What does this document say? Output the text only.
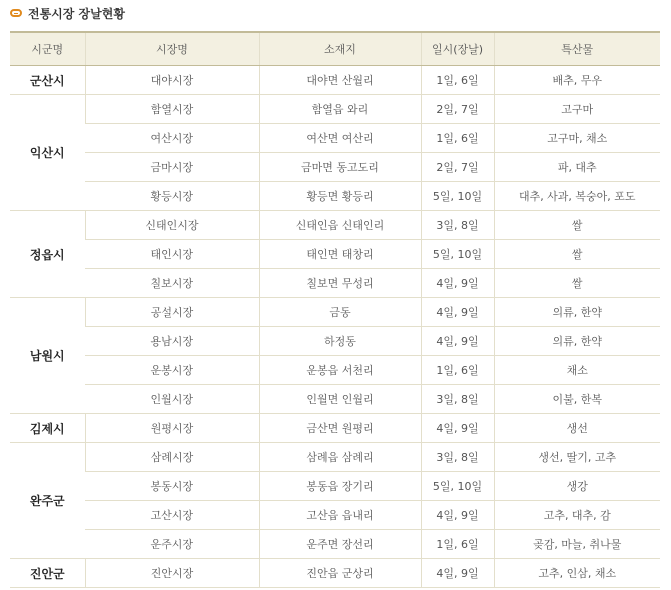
전통시장 장날현황
시군명	시장명	소재지	일시(장날)	특산물
군산시	대야시장	대야면 산월리	1일, 6일	배추, 무우
익산시	함열시장	함열읍 와리	2일, 7일	고구마
	여산시장	여산면 여산리	1일, 6일	고구마, 채소
	금마시장	금마면 동고도리	2일, 7일	파, 대추
	황등시장	황등면 황등리	5일, 10일	대추, 사과, 복숭아, 포도
정읍시	신태인시장	신태인읍 신태인리	3일, 8일	쌀
	태인시장	태인면 태창리	5일, 10일	쌀
	칠보시장	칠보면 무성리	4일, 9일	쌀
남원시	공설시장	금동	4일, 9일	의류, 한약
	용남시장	하정동	4일, 9일	의류, 한약
	운봉시장	운봉읍 서천리	1일, 6일	채소
	인월시장	인월면 인월리	3일, 8일	이불, 한복
김제시	원평시장	금산면 원평리	4일, 9일	생선
완주군	삼례시장	삼례읍 삼례리	3일, 8일	생선, 딸기, 고추
	봉동시장	봉동읍 장기리	5일, 10일	생강
	고산시장	고산읍 읍내리	4일, 9일	고추, 대추, 감
	운주시장	운주면 장선리	1일, 6일	곶감, 마늘, 취나물
진안군	진안시장	진안읍 군상리	4일, 9일	고추, 인삼, 채소
